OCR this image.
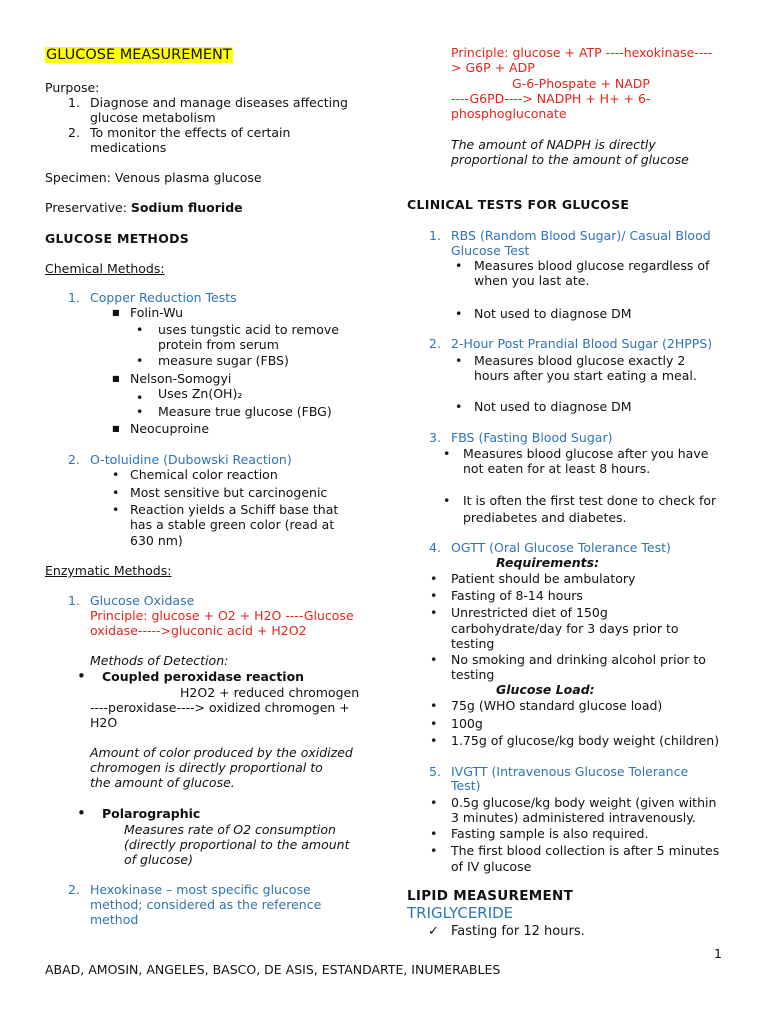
GLUCOSE MEASUREMENT
Purpose:
1. Diagnose and manage diseases affecting
glucose metabolism
2. To monitor the effects of certain
medications
Specimen: Venous plasma glucose
Preservative: Sodium fluoride
GLUCOSE METHODS
Chemical Methods:
1. Copper Reduction Tests
■ Folin-Wu
• uses tungstic acid to remove
protein from serum
• measure sugar (FBS)
■ Nelson-Somogyi
• Uses Zn(OH)₂
• Measure true glucose (FBG)
■ Neocuproine
2. O-toluidine (Dubowski Reaction)
• Chemical color reaction
• Most sensitive but carcinogenic
• Reaction yields a Schiff base that
has a stable green color (read at
630 nm)
Enzymatic Methods:
1. Glucose Oxidase
Principle: glucose + O2 + H2O ----Glucose
oxidase----->gluconic acid + H2O2
Methods of Detection:
• Coupled peroxidase reaction
H2O2 + reduced chromogen
----peroxidase----> oxidized chromogen +
H2O
Amount of color produced by the oxidized
chromogen is directly proportional to
the amount of glucose.
• Polarographic
Measures rate of O2 consumption
(directly proportional to the amount
of glucose)
2. Hexokinase – most specific glucose
method; considered as the reference
method
Principle: glucose + ATP ----hexokinase----
> G6P + ADP
G-6-Phospate + NADP
----G6PD----> NADPH + H+ + 6-
phosphogluconate
The amount of NADPH is directly
proportional to the amount of glucose
CLINICAL TESTS FOR GLUCOSE
1. RBS (Random Blood Sugar)/ Casual Blood
Glucose Test
• Measures blood glucose regardless of
when you last ate.
• Not used to diagnose DM
2. 2-Hour Post Prandial Blood Sugar (2HPPS)
• Measures blood glucose exactly 2
hours after you start eating a meal.
• Not used to diagnose DM
3. FBS (Fasting Blood Sugar)
• Measures blood glucose after you have
not eaten for at least 8 hours.
• It is often the first test done to check for
prediabetes and diabetes.
4. OGTT (Oral Glucose Tolerance Test)
Requirements:
• Patient should be ambulatory
• Fasting of 8-14 hours
• Unrestricted diet of 150g
carbohydrate/day for 3 days prior to
testing
• No smoking and drinking alcohol prior to
testing
Glucose Load:
• 75g (WHO standard glucose load)
• 100g
• 1.75g of glucose/kg body weight (children)
5. IVGTT (Intravenous Glucose Tolerance
Test)
• 0.5g glucose/kg body weight (given within
3 minutes) administered intravenously.
• Fasting sample is also required.
• The first blood collection is after 5 minutes
of IV glucose
LIPID MEASUREMENT
TRIGLYCERIDE
✓ Fasting for 12 hours.
1
ABAD, AMOSIN, ANGELES, BASCO, DE ASIS, ESTANDARTE, INUMERABLES
